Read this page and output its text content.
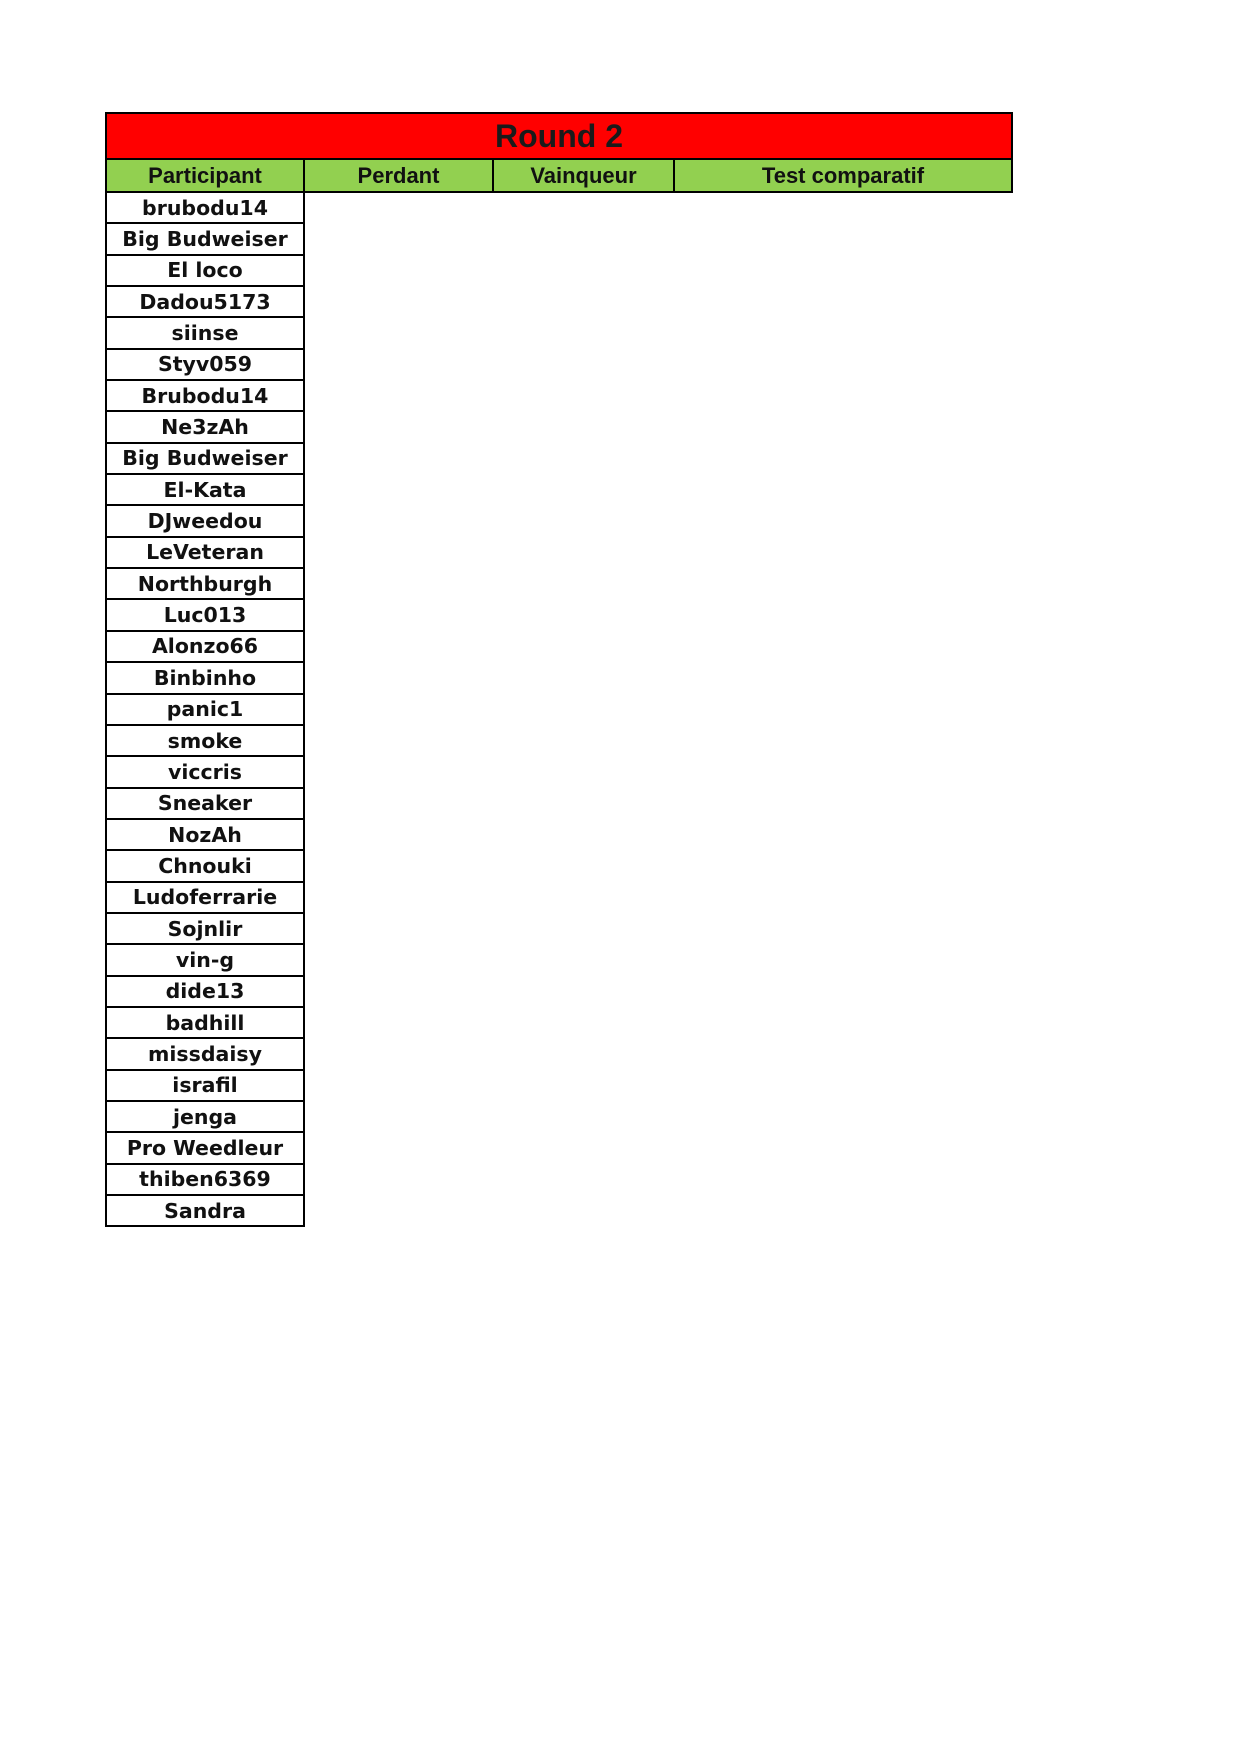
Round 2
Participant	Perdant	Vainqueur	Test comparatif
brubodu14
Big Budweiser
El loco
Dadou5173
siinse
Styv059
Brubodu14
Ne3zAh
Big Budweiser
El-Kata
DJweedou
LeVeteran
Northburgh
Luc013
Alonzo66
Binbinho
panic1
smoke
viccris
Sneaker
NozAh
Chnouki
Ludoferrarie
Sojnlir
vin-g
dide13
badhill
missdaisy
israfil
jenga
Pro Weedleur
thiben6369
Sandra
